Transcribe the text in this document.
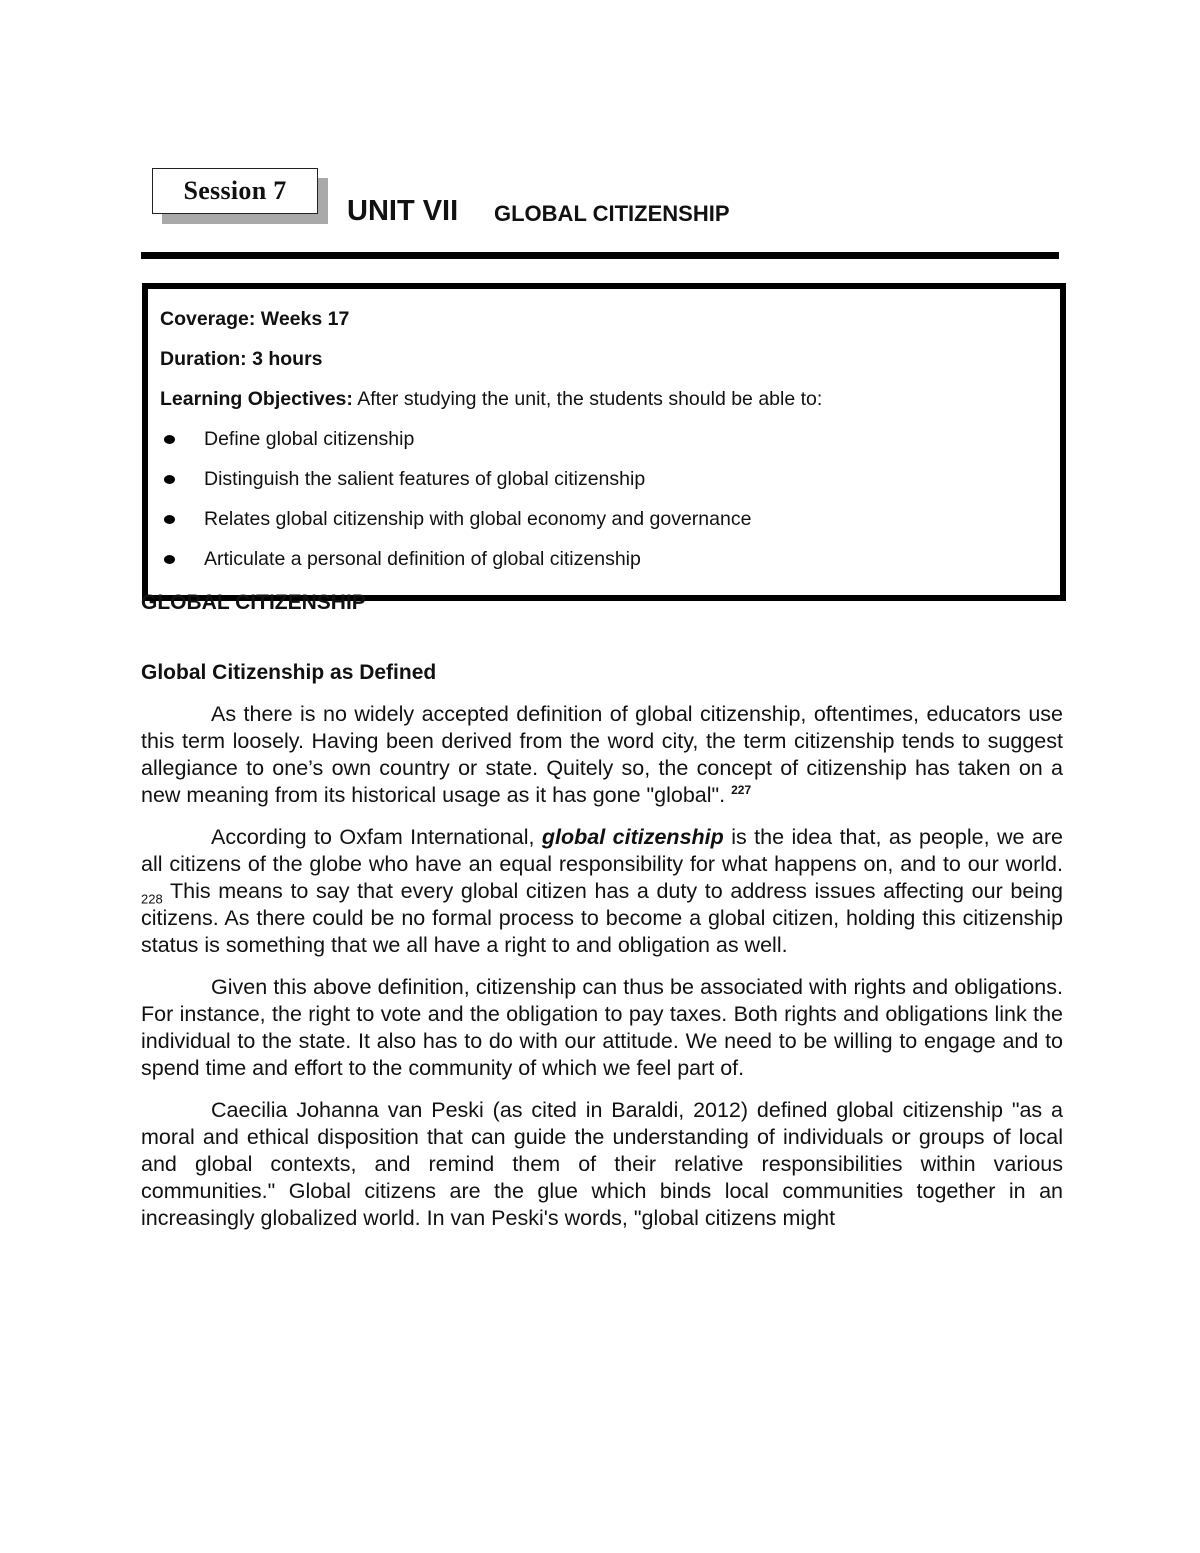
Session 7
UNIT VII GLOBAL CITIZENSHIP
Coverage: Weeks 17
Duration: 3 hours
Learning Objectives: After studying the unit, the students should be able to:
Define global citizenship
Distinguish the salient features of global citizenship
Relates global citizenship with global economy and governance
Articulate a personal definition of global citizenship
GLOBAL CITIZENSHIP
Global Citizenship as Defined

As there is no widely accepted definition of global citizenship, oftentimes, educators use this term loosely. Having been derived from the word city, the term citizenship tends to suggest allegiance to one’s own country or state. Quitely so, the concept of citizenship has taken on a new meaning from its historical usage as it has gone "global". $^{227}$

According to Oxfam International, global citizenship is the idea that, as people, we are all citizens of the globe who have an equal responsibility for what happens on, and to our world. $_{228}$ This means to say that every global citizen has a duty to address issues affecting our being citizens. As there could be no formal process to become a global citizen, holding this citizenship status is something that we all have a right to and obligation as well.

Given this above definition, citizenship can thus be associated with rights and obligations. For instance, the right to vote and the obligation to pay taxes. Both rights and obligations link the individual to the state. It also has to do with our attitude. We need to be willing to engage and to spend time and effort to the community of which we feel part of.

Caecilia Johanna van Peski (as cited in Baraldi, 2012) defined global citizenship "as a moral and ethical disposition that can guide the understanding of individuals or groups of local and global contexts, and remind them of their relative responsibilities within various communities." Global citizens are the glue which binds local communities together in an increasingly globalized world. In van Peski's words, "global citizens might
